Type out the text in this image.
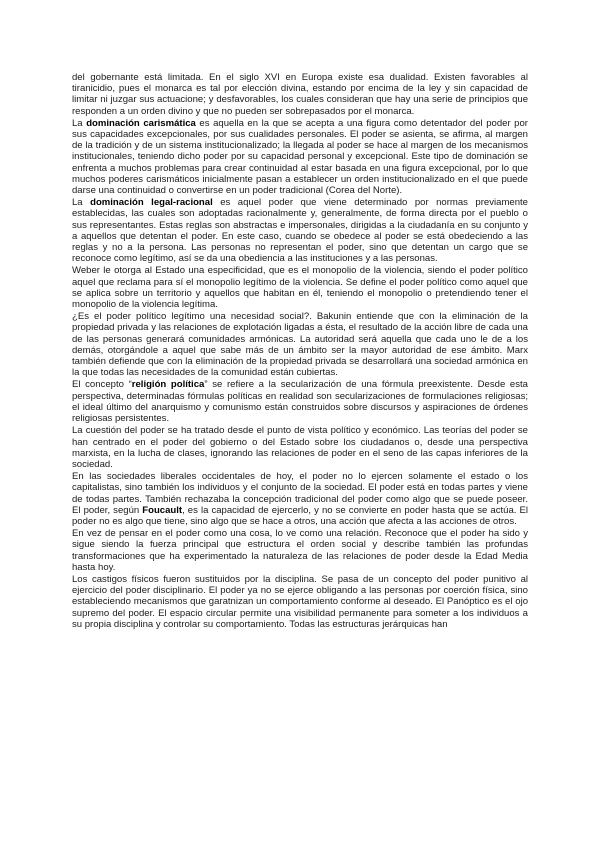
del gobernante está limitada. En el siglo XVI en Europa existe esa dualidad. Existen favorables al tiranicidio, pues el monarca es tal por elección divina, estando por encima de la ley y sin capacidad de limitar ni juzgar sus actuacione; y desfavorables, los cuales consideran que hay una serie de principios que responden a un orden divino y que no pueden ser sobrepasados por el monarca.

La dominación carismática es aquella en la que se acepta a una figura como detentador del poder por sus capacidades excepcionales, por sus cualidades personales. El poder se asienta, se afirma, al margen de la tradición y de un sistema institucionalizado; la llegada al poder se hace al margen de los mecanismos institucionales, teniendo dicho poder por su capacidad personal y excepcional. Este tipo de dominación se enfrenta a muchos problemas para crear continuidad al estar basada en una figura excepcional, por lo que muchos poderes carismáticos inicialmente pasan a establecer un orden institucionalizado en el que puede darse una continuidad o convertirse en un poder tradicional (Corea del Norte).

La dominación legal-racional es aquel poder que viene determinado por normas previamente establecidas, las cuales son adoptadas racionalmente y, generalmente, de forma directa por el pueblo o sus representantes. Estas reglas son abstractas e impersonales, dirigidas a la ciudadanía en su conjunto y a aquellos que detentan el poder. En este caso, cuando se obedece al poder se está obedeciendo a las reglas y no a la persona. Las personas no representan el poder, sino que detentan un cargo que se reconoce como legítimo, así se da una obediencia a las instituciones y a las personas.

Weber le otorga al Estado una especificidad, que es el monopolio de la violencia, siendo el poder político aquel que reclama para sí el monopolio legítimo de la violencia. Se define el poder político como aquel que se aplica sobre un territorio y aquellos que habitan en él, teniendo el monopolio o pretendiendo tener el monopolio de la violencia legítima.

¿Es el poder político legítimo una necesidad social?. Bakunin entiende que con la eliminación de la propiedad privada y las relaciones de explotación ligadas a ésta, el resultado de la acción libre de cada una de las personas generará comunidades armónicas. La autoridad será aquella que cada uno le de a los demás, otorgándole a aquel que sabe más de un ámbito ser la mayor autoridad de ese ámbito. Marx también defiende que con la eliminación de la propiedad privada se desarrollará una sociedad armónica en la que todas las necesidades de la comunidad están cubiertas.

El concepto “religión política” se refiere a la secularización de una fórmula preexistente. Desde esta perspectiva, determinadas fórmulas políticas en realidad son secularizaciones de formulaciones religiosas; el ideal último del anarquismo y comunismo están construidos sobre discursos y aspiraciones de órdenes religiosas persistentes.

La cuestión del poder se ha tratado desde el punto de vista político y económico. Las teorías del poder se han centrado en el poder del gobierno o del Estado sobre los ciudadanos o, desde una perspectiva marxista, en la lucha de clases, ignorando las relaciones de poder en el seno de las capas inferiores de la sociedad.

En las sociedades liberales occidentales de hoy, el poder no lo ejercen solamente el estado o los capitalistas, sino también los individuos y el conjunto de la sociedad. El poder está en todas partes y viene de todas partes. También rechazaba la concepción tradicional del poder como algo que se puede poseer. El poder, según Foucault, es la capacidad de ejercerlo, y no se convierte en poder hasta que se actúa. El poder no es algo que tiene, sino algo que se hace a otros, una acción que afecta a las acciones de otros.

En vez de pensar en el poder como una cosa, lo ve como una relación. Reconoce que el poder ha sido y sigue siendo la fuerza principal que estructura el orden social y describe también las profundas transformaciones que ha experimentado la naturaleza de las relaciones de poder desde la Edad Media hasta hoy.

Los castigos físicos fueron sustituidos por la disciplina. Se pasa de un concepto del poder punitivo al ejercicio del poder disciplinario. El poder ya no se ejerce obligando a las personas por coerción física, sino estableciendo mecanismos que garatnizan un comportamiento conforme al deseado. El Panóptico es el ojo supremo del poder. El espacio circular permite una visibilidad permanente para someter a los individuos a su propia disciplina y controlar su comportamiento. Todas las estructuras jerárquicas han
